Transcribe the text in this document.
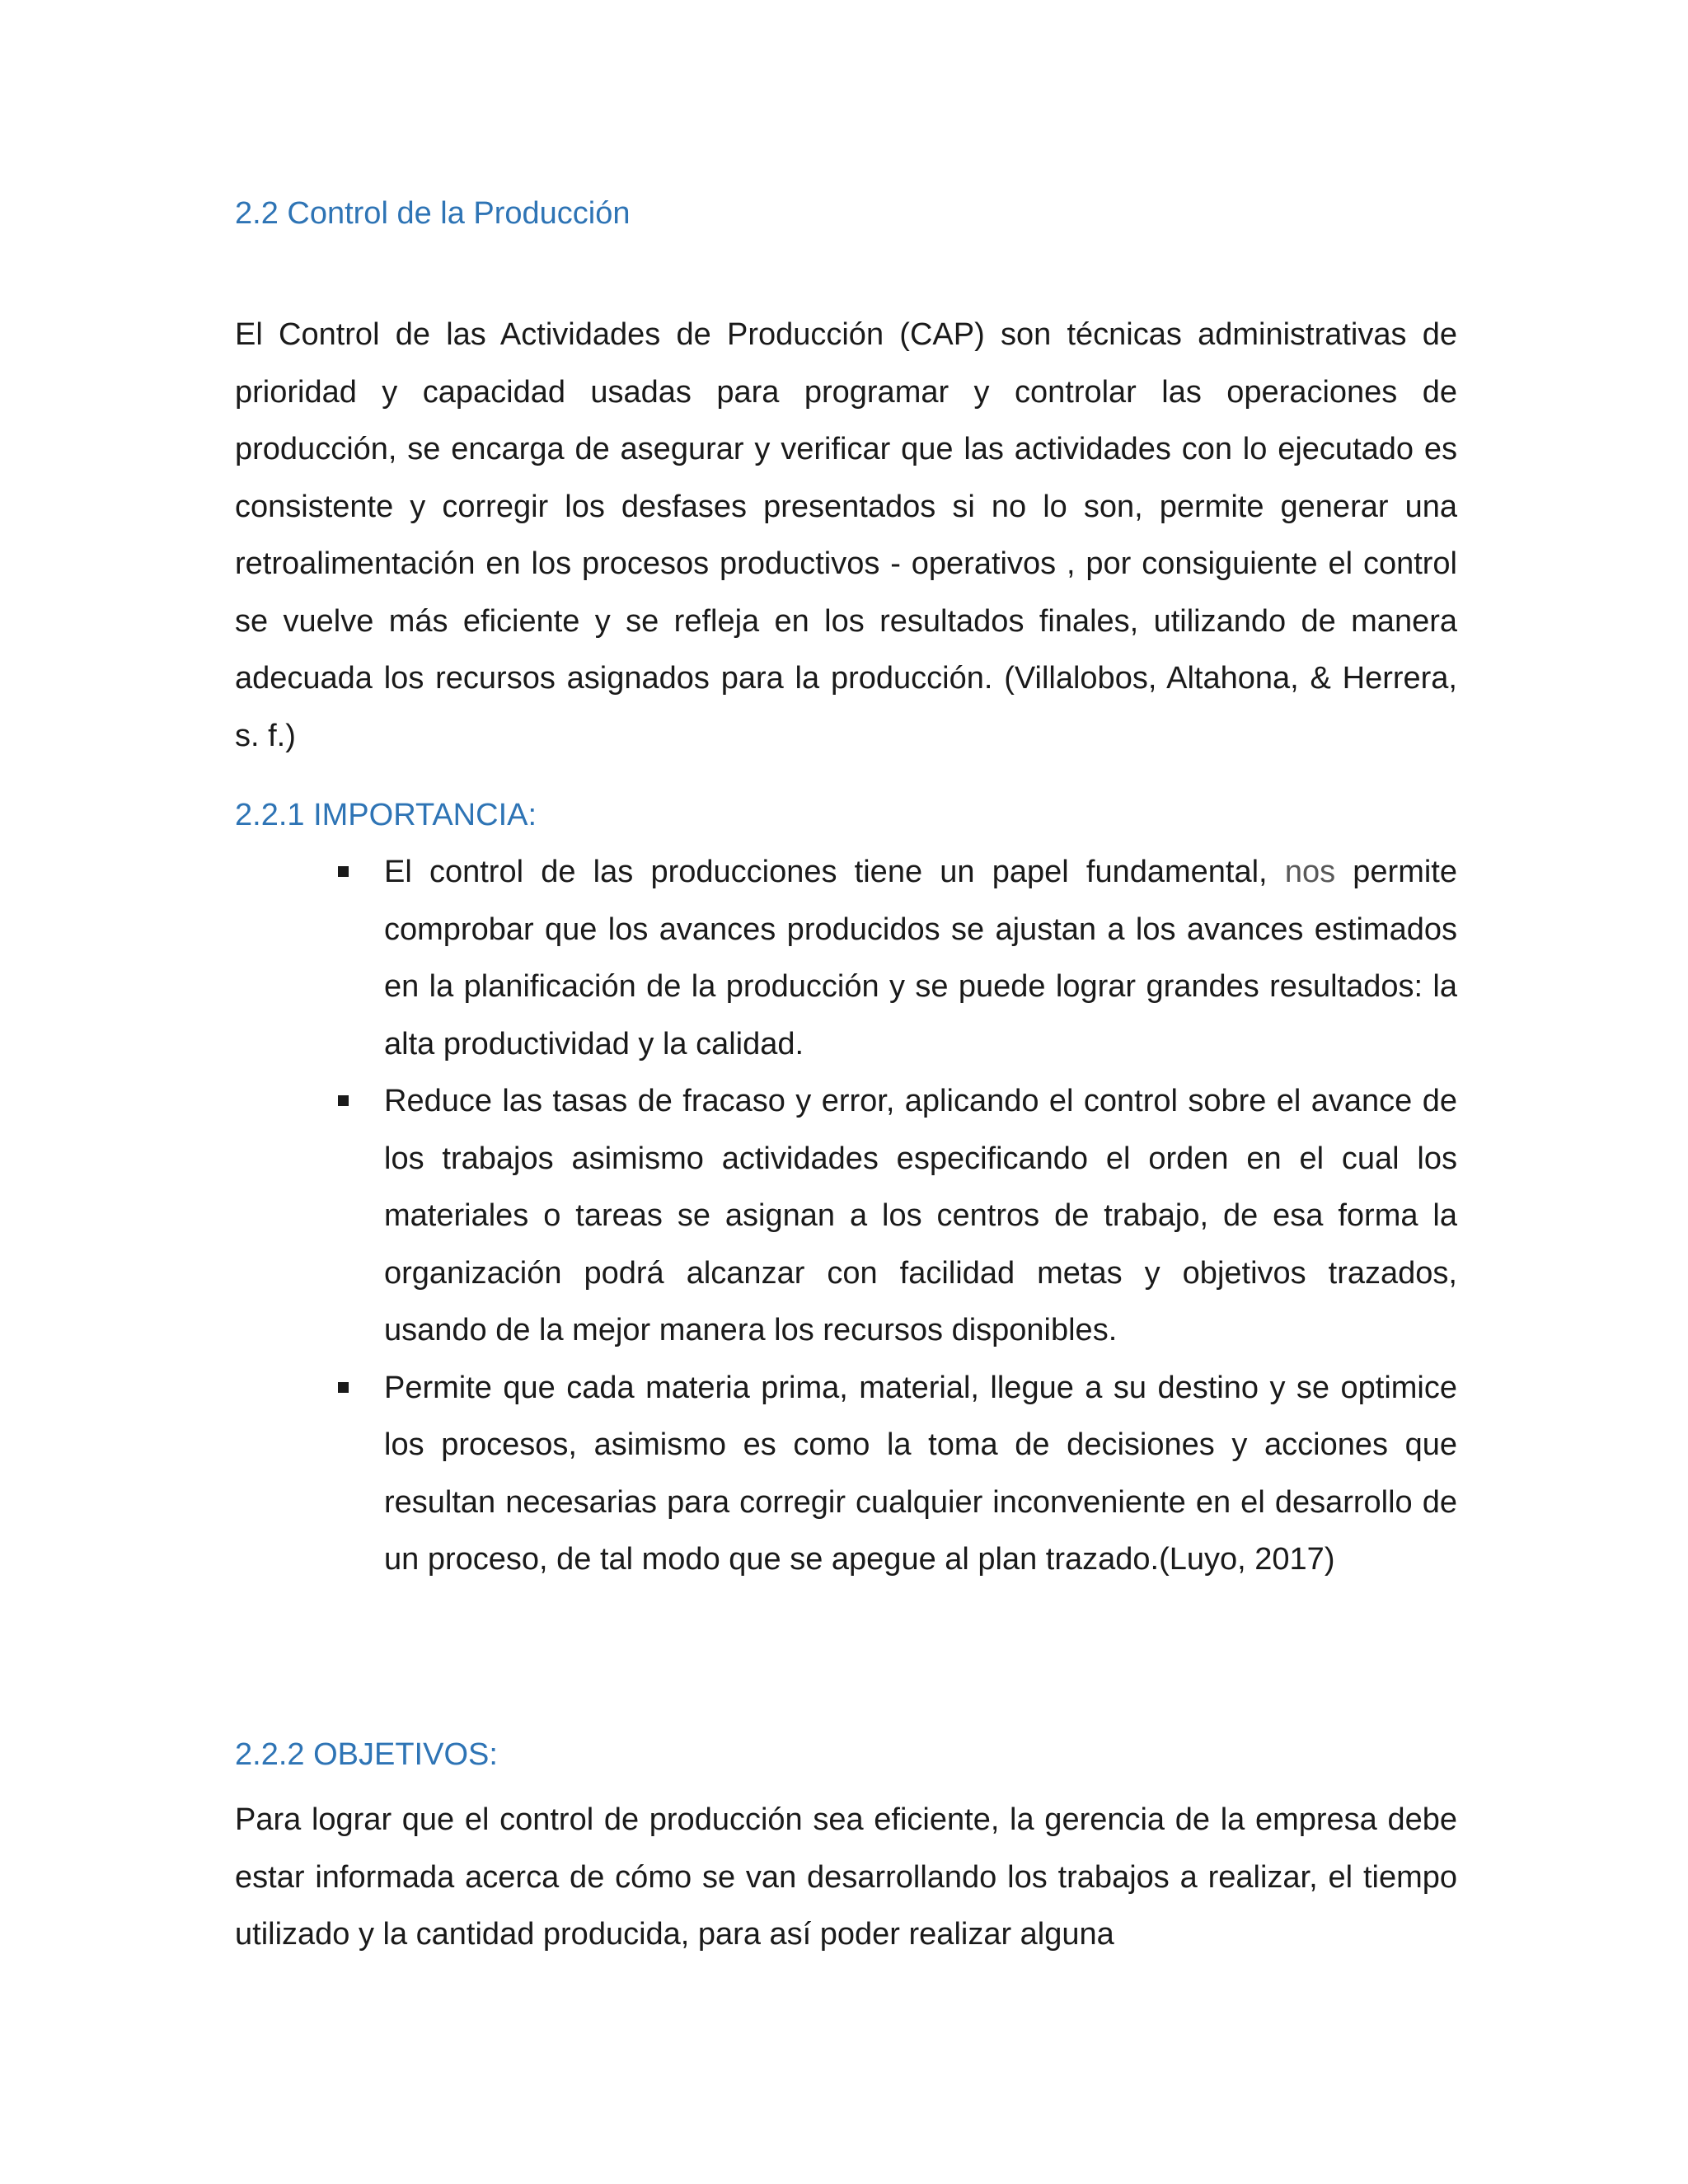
2.2 Control de la Producción

El Control de las Actividades de Producción (CAP) son técnicas administrativas de prioridad y capacidad usadas para programar y controlar las operaciones de producción, se encarga de asegurar y verificar que las actividades con lo ejecutado es consistente y corregir los desfases presentados si no lo son, permite generar una retroalimentación en los procesos productivos - operativos , por consiguiente el control se vuelve más eficiente y se refleja en los resultados finales, utilizando de manera adecuada los recursos asignados para la producción. (Villalobos, Altahona, & Herrera, s. f.)

2.2.1 IMPORTANCIA:
El control de las producciones tiene un papel fundamental, nos permite comprobar que los avances producidos se ajustan a los avances estimados en la planificación de la producción y se puede lograr grandes resultados: la alta productividad y la calidad.
Reduce las tasas de fracaso y error, aplicando el control sobre el avance de los trabajos asimismo actividades especificando el orden en el cual los materiales o tareas se asignan a los centros de trabajo, de esa forma la organización podrá alcanzar con facilidad metas y objetivos trazados, usando de la mejor manera los recursos disponibles.
Permite que cada materia prima, material, llegue a su destino y se optimice los procesos, asimismo es como la toma de decisiones y acciones que resultan necesarias para corregir cualquier inconveniente en el desarrollo de un proceso, de tal modo que se apegue al plan trazado.(Luyo, 2017)
2.2.2 OBJETIVOS:

Para lograr que el control de producción sea eficiente, la gerencia de la empresa debe estar informada acerca de cómo se van desarrollando los trabajos a realizar, el tiempo utilizado y la cantidad producida, para así poder realizar alguna
